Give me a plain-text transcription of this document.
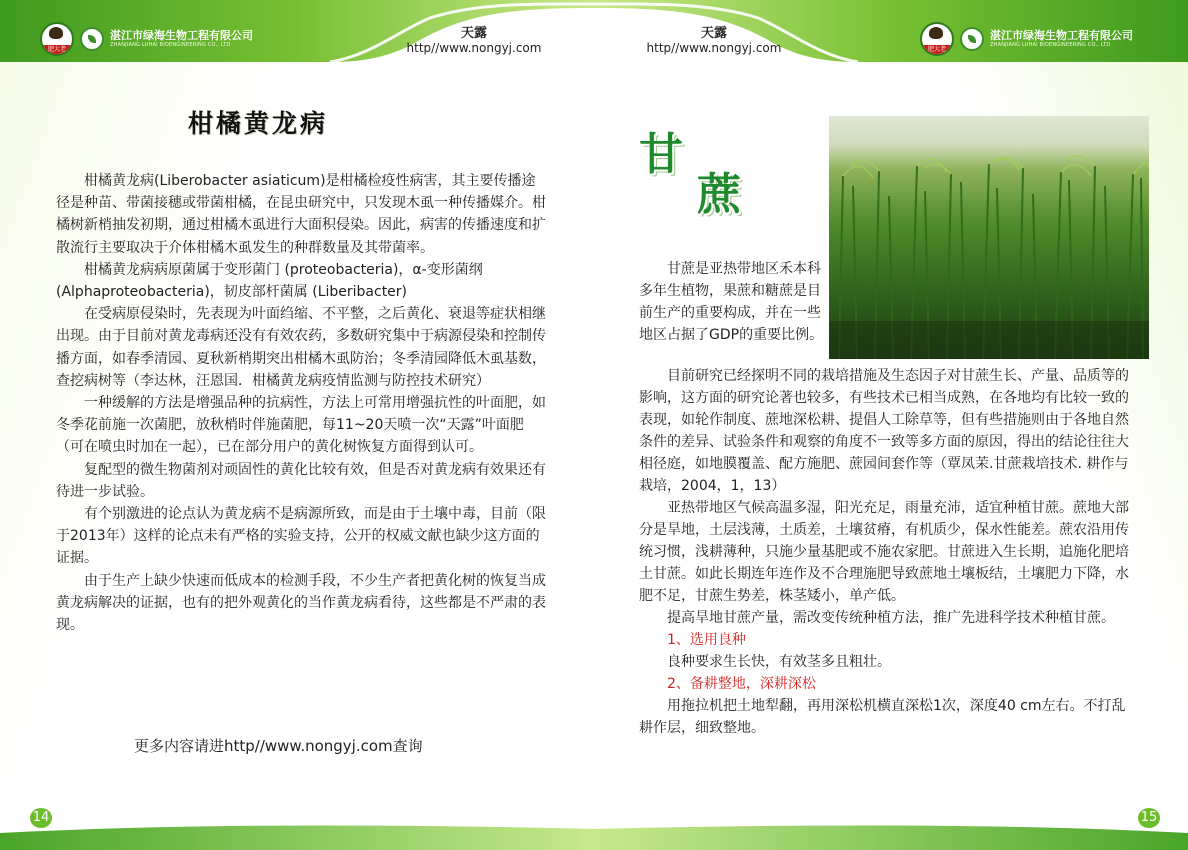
肥大老
湛江市绿海生物工程有限公司
ZHANJIANG LUHAI BIOENGINEERING CO., LTD
天露
http//www.nongyj.com
柑橘黄龙病

柑橘黄龙病(Liberobacter asiaticum)是柑橘检疫性病害，其主要传播途径是种苗、带菌接穗或带菌柑橘，在昆虫研究中，只发现木虱一种传播媒介。柑橘树新梢抽发初期，通过柑橘木虱进行大面积侵染。因此，病害的传播速度和扩散流行主要取决于介体柑橘木虱发生的种群数量及其带菌率。

柑橘黄龙病病原菌属于变形菌门 (proteobacteria)，α-变形菌纲(Alphaproteobacteria)，韧皮部杆菌属 (Liberibacter)

在受病原侵染时，先表现为叶面绉缩、不平整，之后黄化、衰退等症状相继出现。由于目前对黄龙毒病还没有有效农药，多数研究集中于病源侵染和控制传播方面，如春季清园、夏秋新梢期突出柑橘木虱防治；冬季清园降低木虱基数，查挖病树等（李达林，汪恩国．柑橘黄龙病疫情监测与防控技术研究）

一种缓解的方法是增强品种的抗病性，方法上可常用增强抗性的叶面肥，如冬季花前施一次菌肥，放秋梢时伴施菌肥，每11~20天喷一次“天露”叶面肥（可在喷虫时加在一起），已在部分用户的黄化树恢复方面得到认可。

复配型的微生物菌剂对顽固性的黄化比较有效，但是否对黄龙病有效果还有待进一步试验。

有个别激进的论点认为黄龙病不是病源所致，而是由于土壤中毒，目前（限于2013年）这样的论点未有严格的实验支持，公开的权威文献也缺少这方面的证据。

由于生产上缺少快速而低成本的检测手段，不少生产者把黄化树的恢复当成黄龙病解决的证据，也有的把外观黄化的当作黄龙病看待，这些都是不严肃的表现。

更多内容请进http//www.nongyj.com查询
14
天露
http//www.nongyj.com	肥大老
湛江市绿海生物工程有限公司
ZHANJIANG LUHAI BIOENGINEERING CO., LTD
甘
蔗

甘蔗是亚热带地区禾本科多年生植物，果蔗和糖蔗是目前生产的重要构成，并在一些地区占据了GDP的重要比例。

目前研究已经探明不同的栽培措施及生态因子对甘蔗生长、产量、品质等的影响，这方面的研究论著也较多，有些技术已相当成熟，在各地均有比较一致的表现，如轮作制度、蔗地深松耕、提倡人工除草等，但有些措施则由于各地自然条件的差异、试验条件和观察的角度不一致等多方面的原因，得出的结论往往大相径庭，如地膜覆盖、配方施肥、蔗园间套作等（覃凤茉.甘蔗栽培技术. 耕作与栽培，2004，1，13）

亚热带地区气候高温多湿，阳光充足，雨量充沛，适宜种植甘蔗。蔗地大部分是旱地，土层浅薄，土质差，土壤贫瘠，有机质少，保水性能差。蔗农沿用传统习惯，浅耕薄种，只施少量基肥或不施农家肥。甘蔗进入生长期，追施化肥培土甘蔗。如此长期连年连作及不合理施肥导致蔗地土壤板结，土壤肥力下降，水肥不足，甘蔗生势差，株茎矮小，单产低。

提高旱地甘蔗产量，需改变传统种植方法，推广先进科学技术种植甘蔗。

1、选用良种

良种要求生长快，有效茎多且粗壮。

2、备耕整地，深耕深松

用拖拉机把土地犁翻，再用深松机横直深松1次，深度40 cm左右。不打乱耕作层，细致整地。

15
